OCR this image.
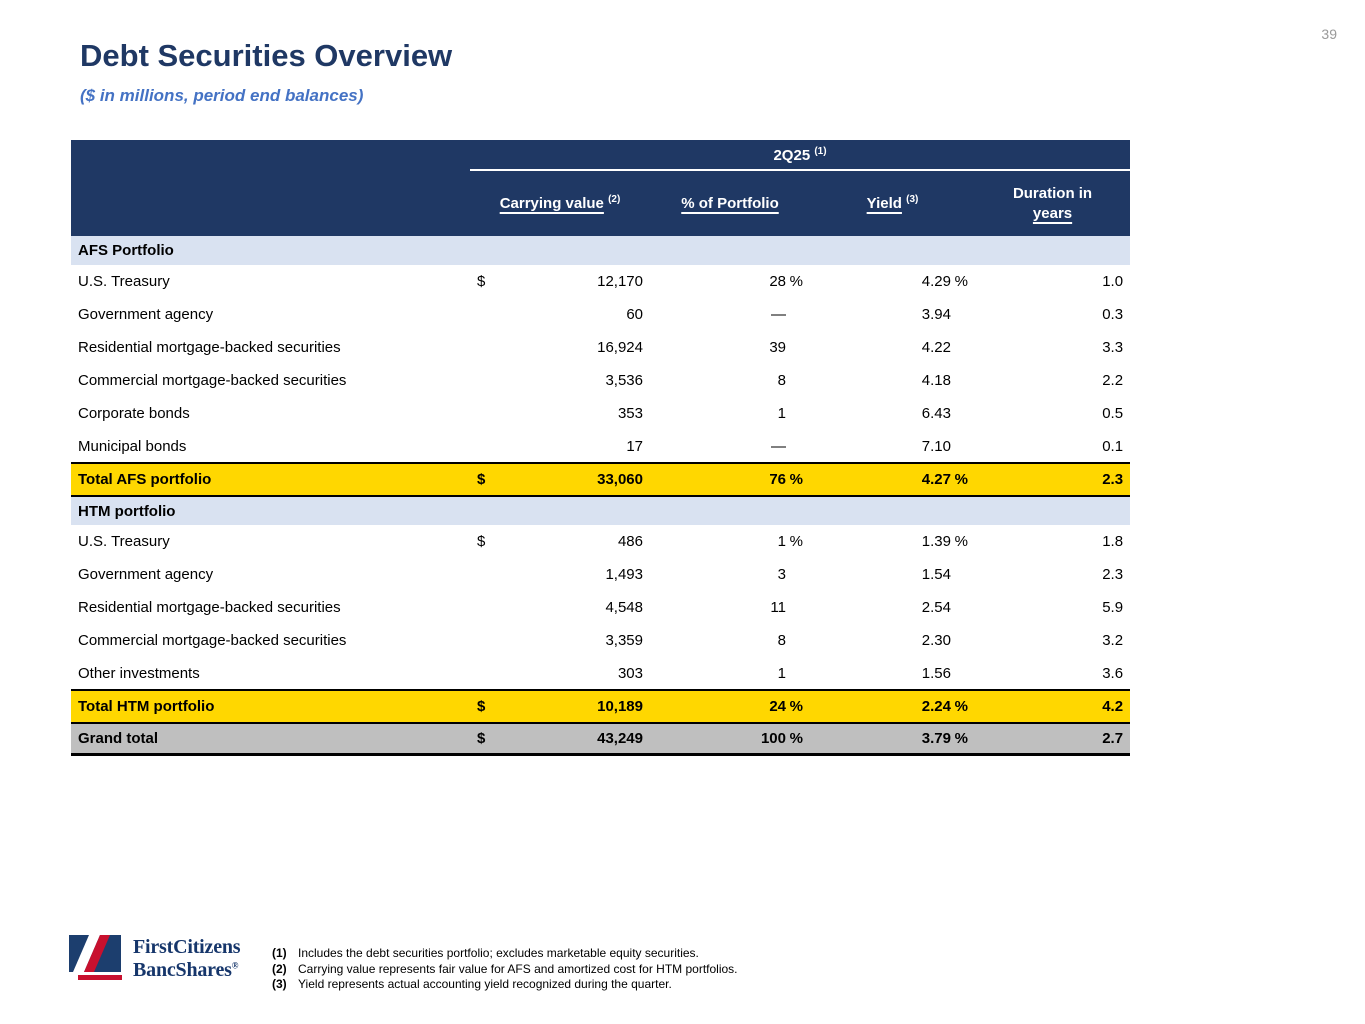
39
Debt Securities Overview
($ in millions, period end balances)
	2Q25 $^{(1)}$
	Carrying value $^{(2)}$		% of Portfolio	Yield $^{(3)}$	Duration in
years
AFS Portfolio					
U.S. Treasury	$	12,170	28 %	4.29 %	1.0
Government agency		60	—	3.94	0.3
Residential mortgage-backed securities		16,924	39	4.22	3.3
Commercial mortgage-backed securities		3,536	8	4.18	2.2
Corporate bonds		353	1	6.43	0.5
Municipal bonds		17	—	7.10	0.1
Total AFS portfolio	$	33,060	76 %	4.27 %	2.3
HTM portfolio					
U.S. Treasury	$	486	1 %	1.39 %	1.8
Government agency		1,493	3	1.54	2.3
Residential mortgage-backed securities		4,548	11	2.54	5.9
Commercial mortgage-backed securities		3,359	8	2.30	3.2
Other investments		303	1	1.56	3.6
Total HTM portfolio	$	10,189	24 %	2.24 %	4.2
Grand total	$	43,249	100 %	3.79 %	2.7
FirstCitizens
BancShares®
(1) Includes the debt securities portfolio; excludes marketable equity securities.
(2) Carrying value represents fair value for AFS and amortized cost for HTM portfolios.
(3) Yield represents actual accounting yield recognized during the quarter.
